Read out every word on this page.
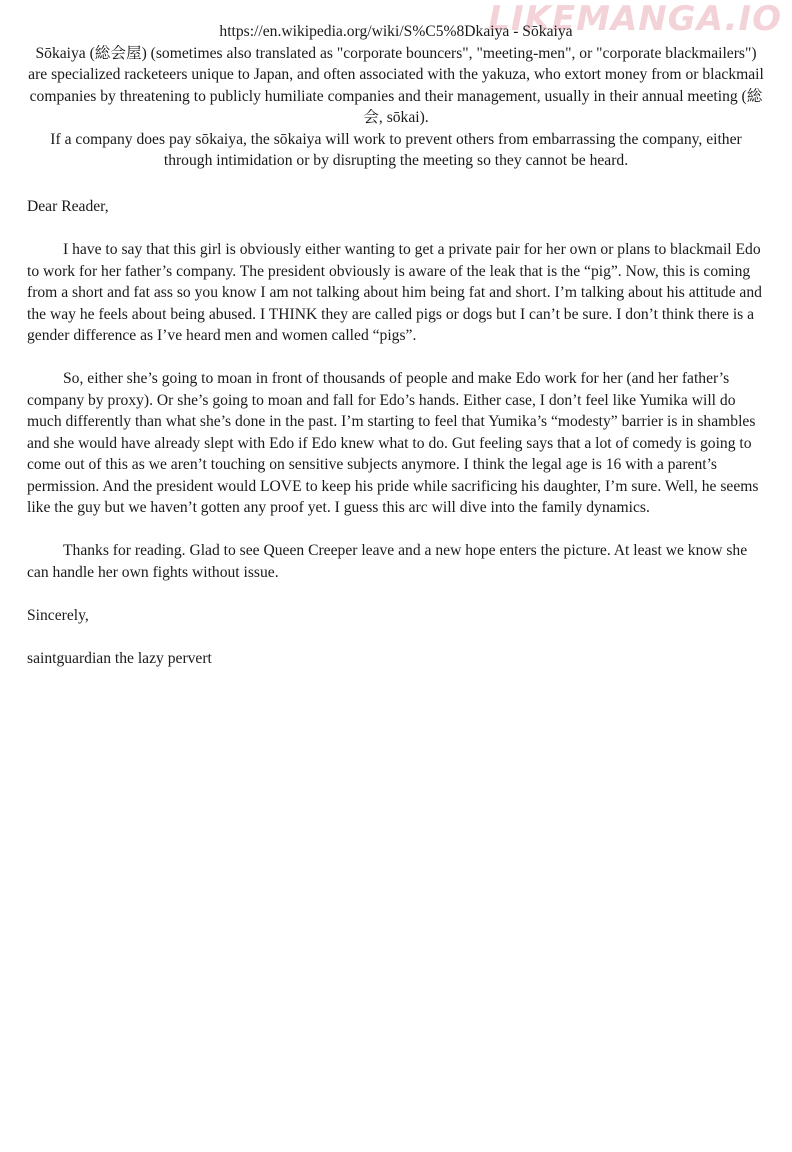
LIKEMANGA.IO

https://en.wikipedia.org/wiki/S%C5%8Dkaiya - Sōkaiya

Sōkaiya (総会屋) (sometimes also translated as "corporate bouncers", "meeting-men", or "corporate blackmailers") are specialized racketeers unique to Japan, and often associated with the yakuza, who extort money from or blackmail companies by threatening to publicly humiliate companies and their management, usually in their annual meeting (総会, sōkai).

If a company does pay sōkaiya, the sōkaiya will work to prevent others from embarrassing the company, either through intimidation or by disrupting the meeting so they cannot be heard.

Dear Reader,

I have to say that this girl is obviously either wanting to get a private pair for her own or plans to blackmail Edo to work for her father’s company. The president obviously is aware of the leak that is the “pig”. Now, this is coming from a short and fat ass so you know I am not talking about him being fat and short. I’m talking about his attitude and the way he feels about being abused. I THINK they are called pigs or dogs but I can’t be sure. I don’t think there is a gender difference as I’ve heard men and women called “pigs”.

So, either she’s going to moan in front of thousands of people and make Edo work for her (and her father’s company by proxy). Or she’s going to moan and fall for Edo’s hands. Either case, I don’t feel like Yumika will do much differently than what she’s done in the past. I’m starting to feel that Yumika’s “modesty” barrier is in shambles and she would have already slept with Edo if Edo knew what to do. Gut feeling says that a lot of comedy is going to come out of this as we aren’t touching on sensitive subjects anymore. I think the legal age is 16 with a parent’s permission. And the president would LOVE to keep his pride while sacrificing his daughter, I’m sure. Well, he seems like the guy but we haven’t gotten any proof yet. I guess this arc will dive into the family dynamics.

Thanks for reading. Glad to see Queen Creeper leave and a new hope enters the picture. At least we know she can handle her own fights without issue.

Sincerely,

saintguardian the lazy pervert
